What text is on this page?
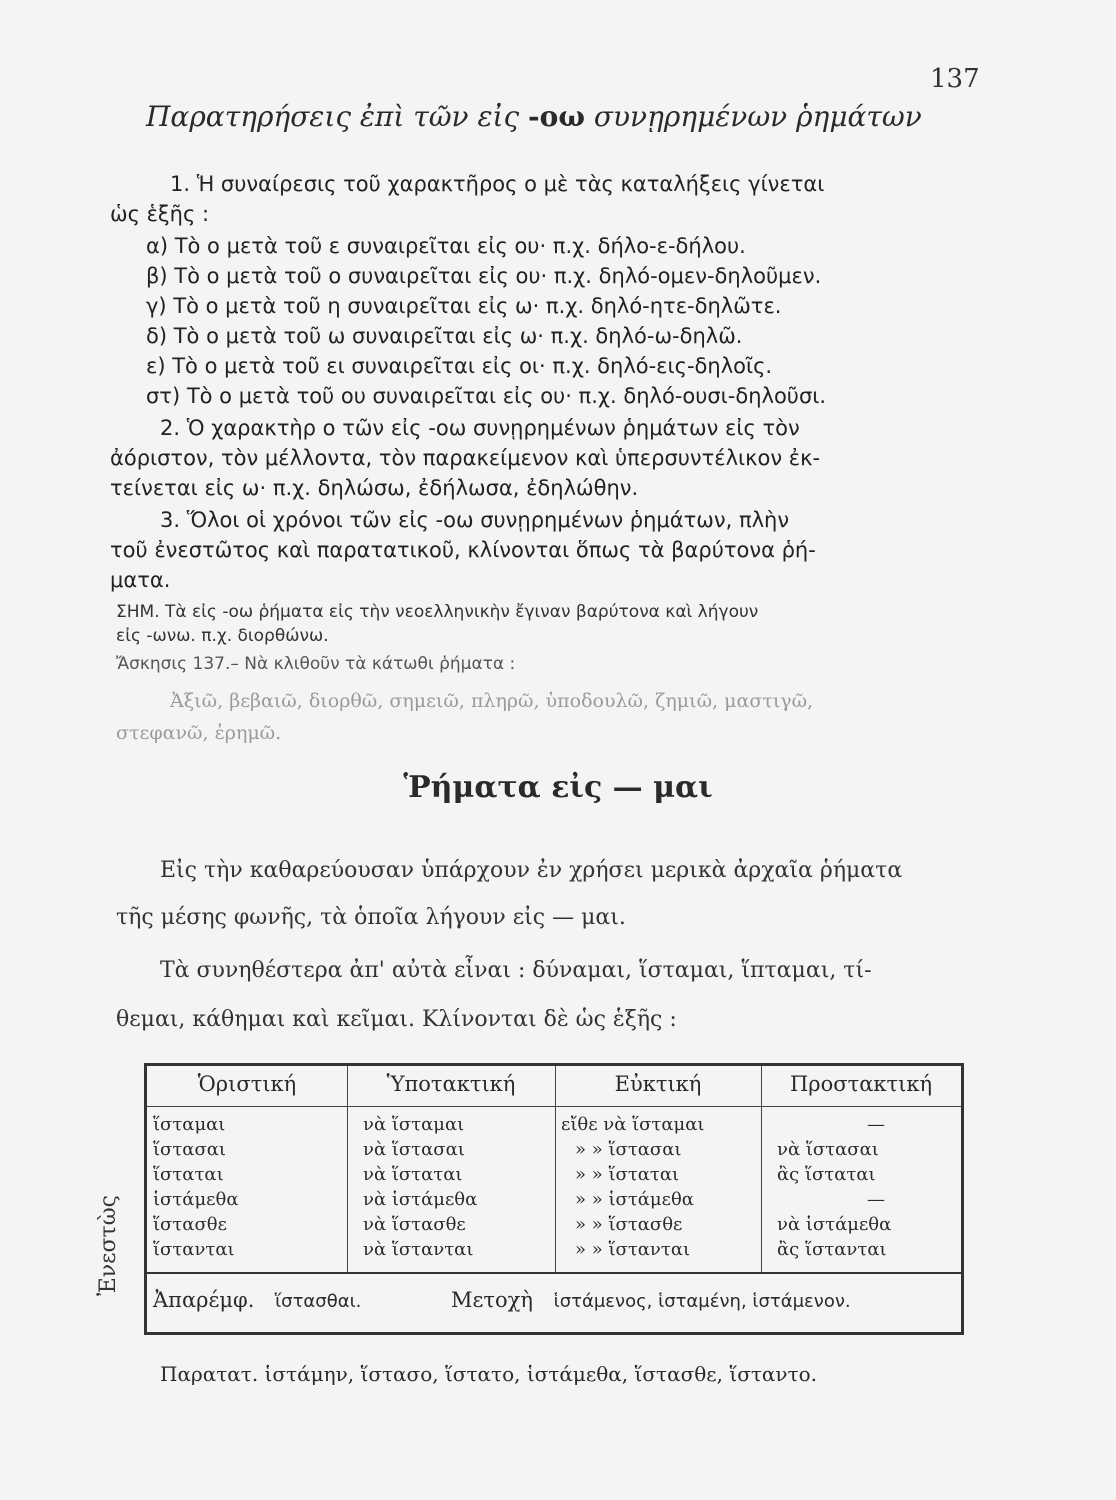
137
Παρατηρήσεις ἐπὶ τῶν εἰς -οω συνῃρημένων ῥημάτων
1. Ἡ συναίρεσις τοῦ χαρακτῆρος ο μὲ τὰς καταλήξεις γίνεται
ὡς ἑξῆς :
α) Τὸ ο μετὰ τοῦ ε συναιρεῖται εἰς ου· π.χ. δήλο-ε-δήλου.
β) Τὸ ο μετὰ τοῦ ο συναιρεῖται εἰς ου· π.χ. δηλό-ομεν-δηλοῦμεν.
γ) Τὸ ο μετὰ τοῦ η συναιρεῖται εἰς ω· π.χ. δηλό-ητε-δηλῶτε.
δ) Τὸ ο μετὰ τοῦ ω συναιρεῖται εἰς ω· π.χ. δηλό-ω-δηλῶ.
ε) Τὸ ο μετὰ τοῦ ει συναιρεῖται εἰς οι· π.χ. δηλό-εις-δηλοῖς.
στ) Τὸ ο μετὰ τοῦ ου συναιρεῖται εἰς ου· π.χ. δηλό-ουσι-δηλοῦσι.
2. Ὁ χαρακτὴρ ο τῶν εἰς -οω συνῃρημένων ῥημάτων εἰς τὸν
ἀόριστον, τὸν μέλλοντα, τὸν παρακείμενον καὶ ὑπερσυντέλικον ἐκ-
τείνεται εἰς ω· π.χ. δηλώσω, ἐδήλωσα, ἐδηλώθην.
3. Ὅλοι οἱ χρόνοι τῶν εἰς -οω συνῃρημένων ῥημάτων, πλὴν
τοῦ ἐνεστῶτος καὶ παρατατικοῦ, κλίνονται ὅπως τὰ βαρύτονα ῥή-
ματα.
ΣΗΜ. Τὰ εἰς -οω ῥήματα εἰς τὴν νεοελληνικὴν ἔγιναν βαρύτονα καὶ λήγουν
εἰς -ωνω. π.χ. διορθώνω.
Ἄσκησις 137.– Νὰ κλιθοῦν τὰ κάτωθι ῥήματα :
Ἀξιῶ, βεβαιῶ, διορθῶ, σημειῶ, πληρῶ, ὑποδουλῶ, ζημιῶ, μαστιγῶ,
στεφανῶ, ἐρημῶ.
Ῥήματα εἰς — μαι
Εἰς τὴν καθαρεύουσαν ὑπάρχουν ἐν χρήσει μερικὰ ἀρχαῖα ῥήματα
τῆς μέσης φωνῆς, τὰ ὁποῖα λήγουν εἰς — μαι.
Τὰ συνηθέστερα ἀπ' αὐτὰ εἶναι : δύναμαι, ἵσταμαι, ἵπταμαι, τί-
θεμαι, κάθημαι καὶ κεῖμαι. Κλίνονται δὲ ὡς ἑξῆς :
Ἐνεστὼς
Ὁριστική	Ὑποτακτική	Εὐκτική	Προστακτική
ἵσταμαι	νὰ ἵσταμαι	εἴθε νὰ ἵσταμαι	—
ἵστασαι	νὰ ἵστασαι	» » ἵστασαι	νὰ ἵστασαι
ἵσταται	νὰ ἵσταται	» » ἵσταται	ἂς ἵσταται
ἱστάμεθα	νὰ ἱστάμεθα	» » ἱστάμεθα	—
ἵστασθε	νὰ ἵστασθε	» » ἵστασθε	νὰ ἱστάμεθα
ἵστανται	νὰ ἵστανται	» » ἵστανται	ἂς ἵστανται
Ἀπαρέμφ. ἵστασθαι.	Μετοχὴ ἱστάμενος, ἱσταμένη, ἱστάμενον.
Παρατατ. ἱστάμην, ἵστασο, ἵστατο, ἱστάμεθα, ἵστασθε, ἵσταντο.
